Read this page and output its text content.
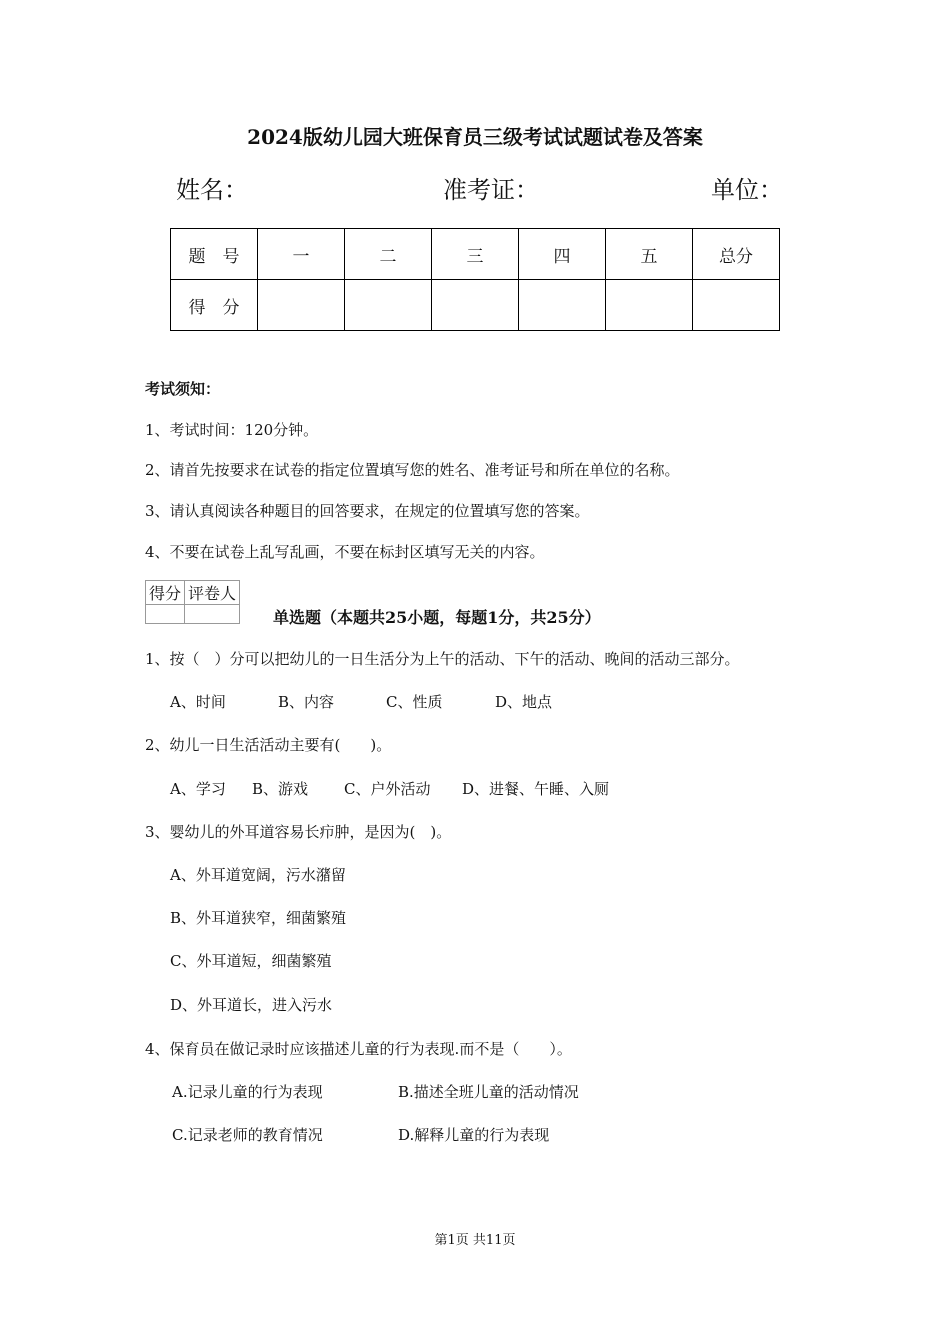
2024版幼儿园大班保育员三级考试试题试卷及答案
姓名：	准考证：	单位：
题　号	一	二	三	四	五	总分
得　分						
考试须知：
1、考试时间：120分钟。
2、请首先按要求在试卷的指定位置填写您的姓名、准考证号和所在单位的名称。
3、请认真阅读各种题目的回答要求，在规定的位置填写您的答案。
4、不要在试卷上乱写乱画，不要在标封区填写无关的内容。
得分	评卷人

单选题（本题共25小题，每题1分，共25分）
1、按（　）分可以把幼儿的一日生活分为上午的活动、下午的活动、晚间的活动三部分。
A、时间	B、内容	C、性质	D、地点
2、幼儿一日生活活动主要有(　　)。
A、学习 B、游戏 C、户外活动 D、进餐、午睡、入厕
3、婴幼儿的外耳道容易长疖肿，是因为(　)。
A、外耳道宽阔，污水潴留
B、外耳道狭窄，细菌繁殖
C、外耳道短，细菌繁殖
D、外耳道长，进入污水
4、保育员在做记录时应该描述儿童的行为表现.而不是（　　）。
A.记录儿童的行为表现	B.描述全班儿童的活动情况
C.记录老师的教育情况	D.解释儿童的行为表现
第1页 共11页
